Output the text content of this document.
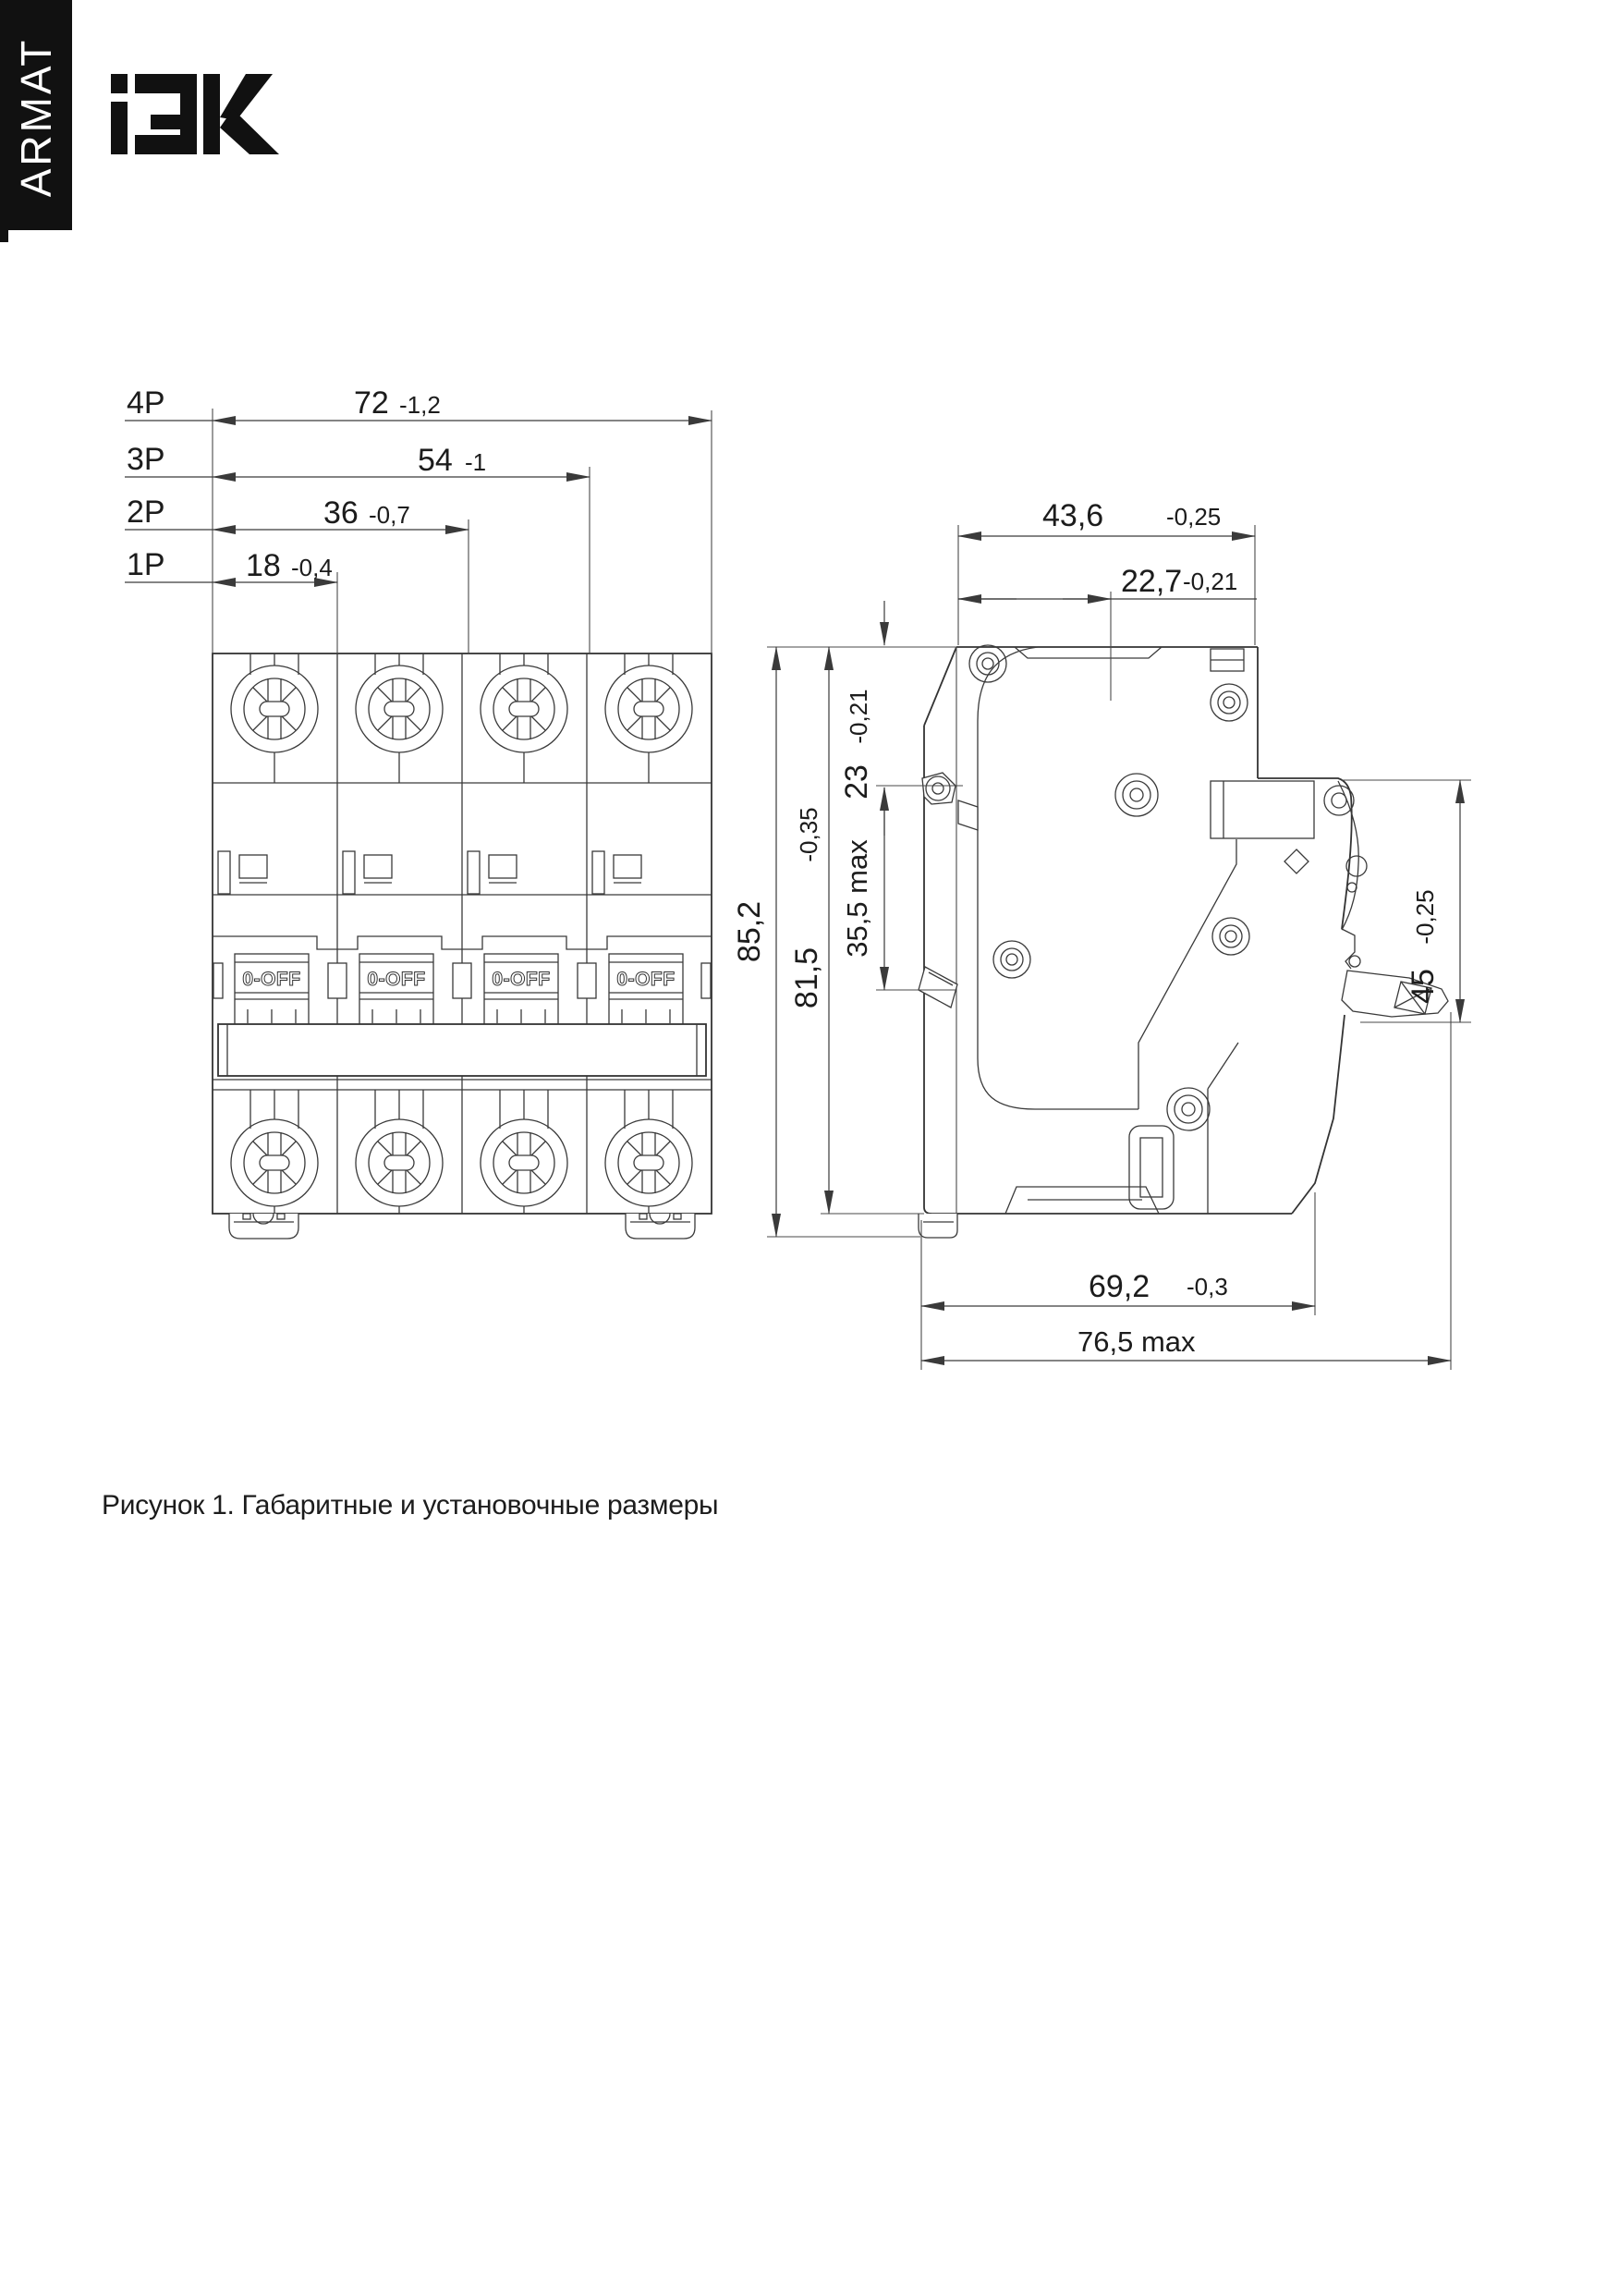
ARMAT
4P	72 -1,2
3P	54 -1
2P	36 -0,7
1P	18 -0,4
43,6	-0,25
22,7 -0,21
23
-0,21
35,5 max
85,2
81,5
-0,35
45
-0,25
69,2 -0,3
76,5 max
Рисунок 1. Габаритные и установочные размеры
